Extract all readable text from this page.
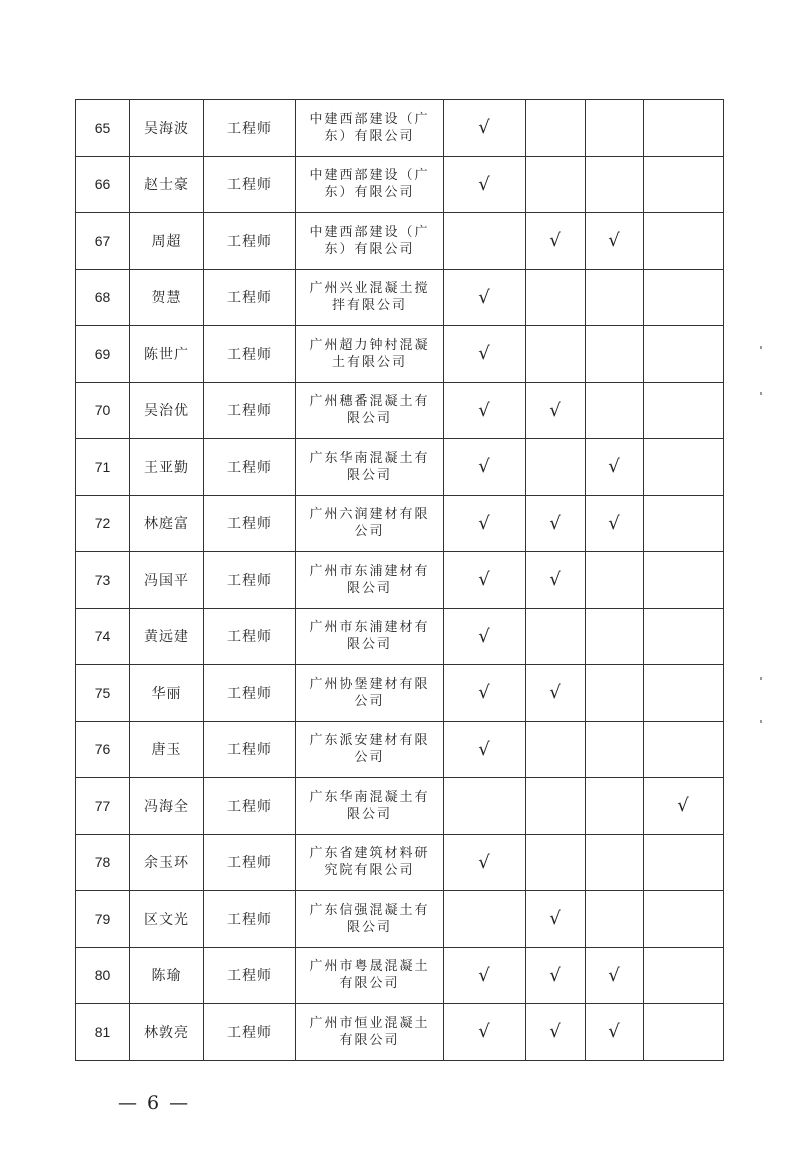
65	吴海波	工程师	中建西部建设（广东）有限公司	√			
66	赵士豪	工程师	中建西部建设（广东）有限公司	√			
67	周超	工程师	中建西部建设（广东）有限公司		√	√	
68	贺慧	工程师	广州兴业混凝土搅拌有限公司	√			
69	陈世广	工程师	广州超力钟村混凝土有限公司	√			
70	吴治优	工程师	广州穗番混凝土有限公司	√	√		
71	王亚勤	工程师	广东华南混凝土有限公司	√		√	
72	林庭富	工程师	广州六润建材有限公司	√	√	√	
73	冯国平	工程师	广州市东浦建材有限公司	√	√		
74	黄远建	工程师	广州市东浦建材有限公司	√			
75	华丽	工程师	广州协堡建材有限公司	√	√		
76	唐玉	工程师	广东派安建材有限公司	√			
77	冯海全	工程师	广东华南混凝土有限公司				√
78	余玉环	工程师	广东省建筑材料研究院有限公司	√			
79	区文光	工程师	广东信强混凝土有限公司		√		
80	陈瑜	工程师	广州市粤晟混凝土有限公司	√	√	√	
81	林敦亮	工程师	广州市恒业混凝土有限公司	√	√	√	
— 6 —
